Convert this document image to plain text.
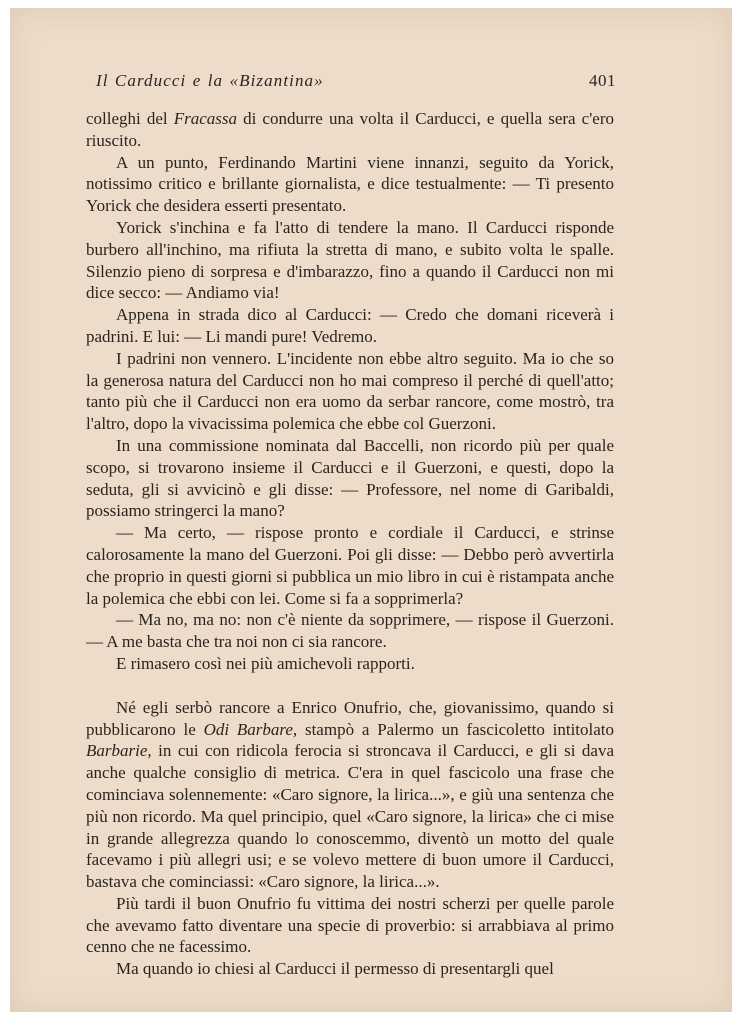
Il Carducci e la «Bizantina»	401

colleghi del Fracassa di condurre una volta il Carducci, e quella sera c'ero riuscito.

A un punto, Ferdinando Martini viene innanzi, seguito da Yorick, notissimo critico e brillante giornalista, e dice testualmente: — Ti presento Yorick che desidera esserti presentato.

Yorick s'inchina e fa l'atto di tendere la mano. Il Carducci risponde burbero all'inchino, ma rifiuta la stretta di mano, e subito volta le spalle. Silenzio pieno di sorpresa e d'imbarazzo, fino a quando il Carducci non mi dice secco: — Andiamo via!

Appena in strada dico al Carducci: — Credo che domani riceverà i padrini. E lui: — Li mandi pure! Vedremo.

I padrini non vennero. L'incidente non ebbe altro seguito. Ma io che so la generosa natura del Carducci non ho mai compreso il perché di quell'atto; tanto più che il Carducci non era uomo da serbar rancore, come mostrò, tra l'altro, dopo la vivacissima polemica che ebbe col Guerzoni.

In una commissione nominata dal Baccelli, non ricordo più per quale scopo, si trovarono insieme il Carducci e il Guerzoni, e questi, dopo la seduta, gli si avvicinò e gli disse: — Professore, nel nome di Garibaldi, possiamo stringerci la mano?

— Ma certo, — rispose pronto e cordiale il Carducci, e strinse calorosamente la mano del Guerzoni. Poi gli disse: — Debbo però avvertirla che proprio in questi giorni si pubblica un mio libro in cui è ristampata anche la polemica che ebbi con lei. Come si fa a sopprimerla?

— Ma no, ma no: non c'è niente da sopprimere, — rispose il Guerzoni. — A me basta che tra noi non ci sia rancore.

E rimasero così nei più amichevoli rapporti.

Né egli serbò rancore a Enrico Onufrio, che, giovanissimo, quando si pubblicarono le Odi Barbare, stampò a Palermo un fascicoletto intitolato Barbarie, in cui con ridicola ferocia si stroncava il Carducci, e gli si dava anche qualche consiglio di metrica. C'era in quel fascicolo una frase che cominciava solennemente: «Caro signore, la lirica...», e giù una sentenza che più non ricordo. Ma quel principio, quel «Caro signore, la lirica» che ci mise in grande allegrezza quando lo conoscemmo, diventò un motto del quale facevamo i più allegri usi; e se volevo mettere di buon umore il Carducci, bastava che cominciassi: «Caro signore, la lirica...».

Più tardi il buon Onufrio fu vittima dei nostri scherzi per quelle parole che avevamo fatto diventare una specie di proverbio: si arrabbiava al primo cenno che ne facessimo.

Ma quando io chiesi al Carducci il permesso di presentargli quel
